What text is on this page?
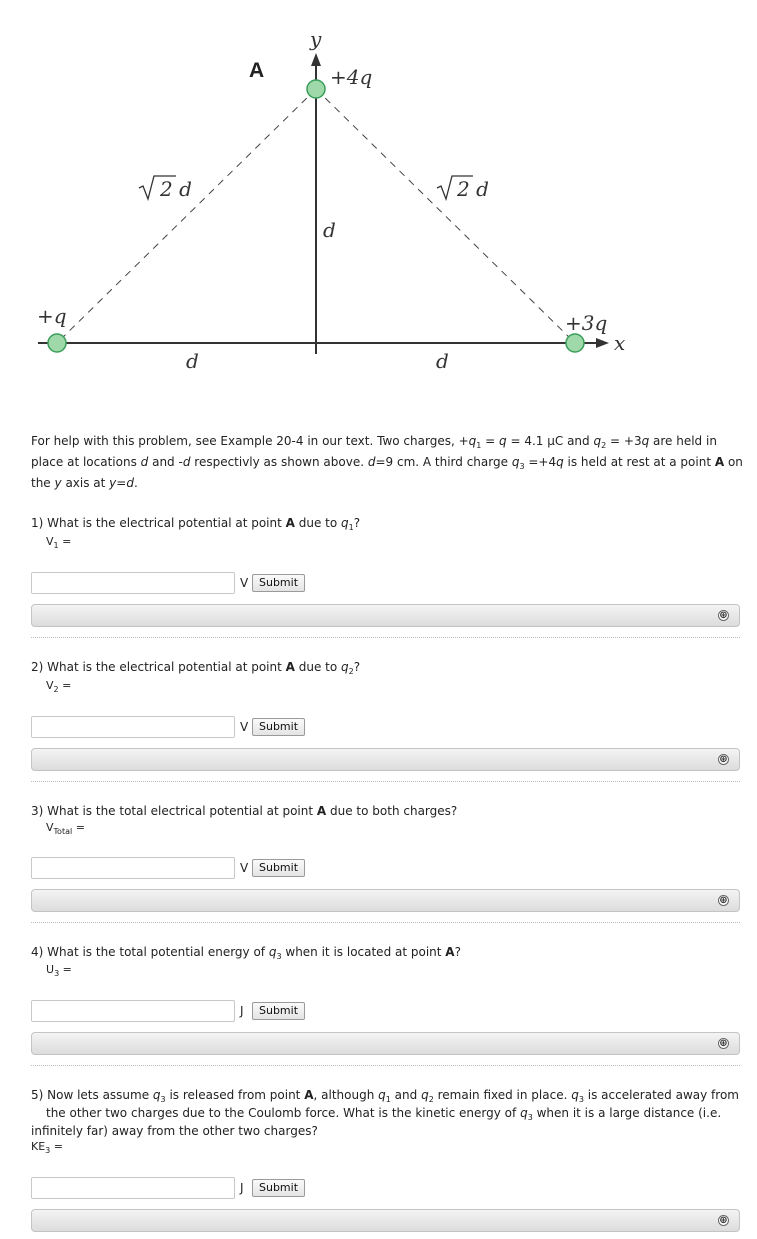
A
y
x
+4q
+q	+3q
2 d	2 d
d
d	d
For help with this problem, see Example 20-4 in our text. Two charges, $+q_1 = q = 4.1$ μC and $q_2 = +3q$ are held in place at locations d and -d respectivly as shown above. d=9 cm. A third charge $q_3 =+4q$ is held at rest at a point A on the y axis at y=d.
1) What is the electrical potential at point A due to $q_1$?
$V_1$ =
V Submit
⊕
2) What is the electrical potential at point A due to $q_2$?
$V_2$ =
V Submit
⊕
3) What is the total electrical potential at point A due to both charges?
$V_{Total}$ =
V Submit
⊕
4) What is the total potential energy of $q_3$ when it is located at point A?
$U_3$ =
J	Submit
⊕
5) Now lets assume $q_3$ is released from point A, although $q_1$ and $q_2$ remain fixed in place. $q_3$ is accelerated away from
the other two charges due to the Coulomb force. What is the kinetic energy of $q_3$ when it is a large distance (i.e.
infinitely far) away from the other two charges?
$KE_3$ =
J	Submit
⊕
